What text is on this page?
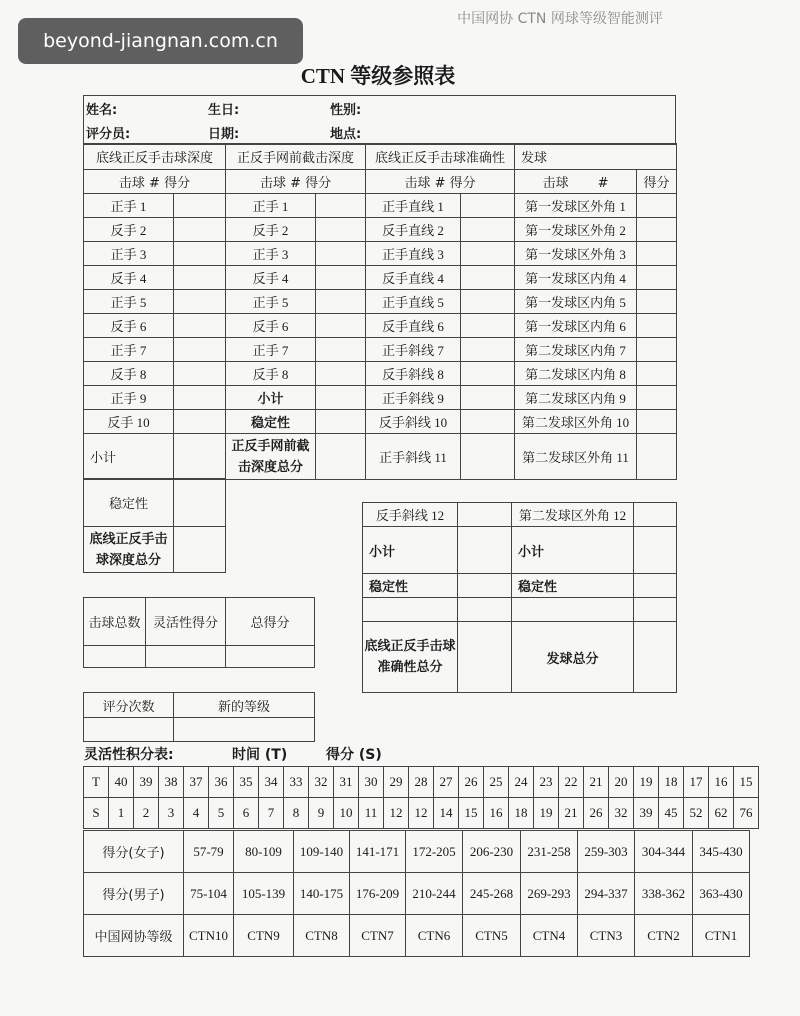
beyond-jiangnan.com.cn
中国网协 CTN 网球等级智能测评
CTN 等级参照表
姓名:	生日:	性别:

评分员:	日期:	地点:
底线正反手击球深度		正反手网前截击深度		底线正反手击球准确性		发球	
击球 # 得分		击球 # 得分		击球 # 得分		击球 #	得分
正手 1		正手 1		正手直线 1		第一发球区外角 1	
反手 2		反手 2		反手直线 2		第一发球区外角 2	
正手 3		正手 3		正手直线 3		第一发球区外角 3	
反手 4		反手 4		反手直线 4		第一发球区内角 4	
正手 5		正手 5		正手直线 5		第一发球区内角 5	
反手 6		反手 6		反手直线 6		第一发球区内角 6	
正手 7		正手 7		正手斜线 7		第二发球区内角 7	
反手 8		反手 8		反手斜线 8		第二发球区内角 8	
正手 9		小计		正手斜线 9		第二发球区内角 9	
反手 10		稳定性		反手斜线 10		第二发球区外角 10	
小计		正反手网前截击深度总分		正手斜线 11		第二发球区外角 11	
稳定性	
底线正反手击球深度总分	
反手斜线 12		第二发球区外角 12	
小计		小计	
稳定性		稳定性	

底线正反手击球准确性总分		发球总分	
击球总数	灵活性得分	总得分

评分次数	新的等级

灵活性积分表:	时间 (T)	得分 (S)
T	40	39	38	37	36	35	34	33	32	31	30	29	28	27	26	25	24	23	22	21	20	19	18	17	16	15
S	1	2	3	4	5	6	7	8	9	10	11	12	12	14	15	16	18	19	21	26	32	39	45	52	62	76
得分(女子)	57-79	80-109	109-140	141-171	172-205	206-230	231-258	259-303	304-344	345-430
得分(男子)	75-104	105-139	140-175	176-209	210-244	245-268	269-293	294-337	338-362	363-430
中国网协等级	CTN10	CTN9	CTN8	CTN7	CTN6	CTN5	CTN4	CTN3	CTN2	CTN1
